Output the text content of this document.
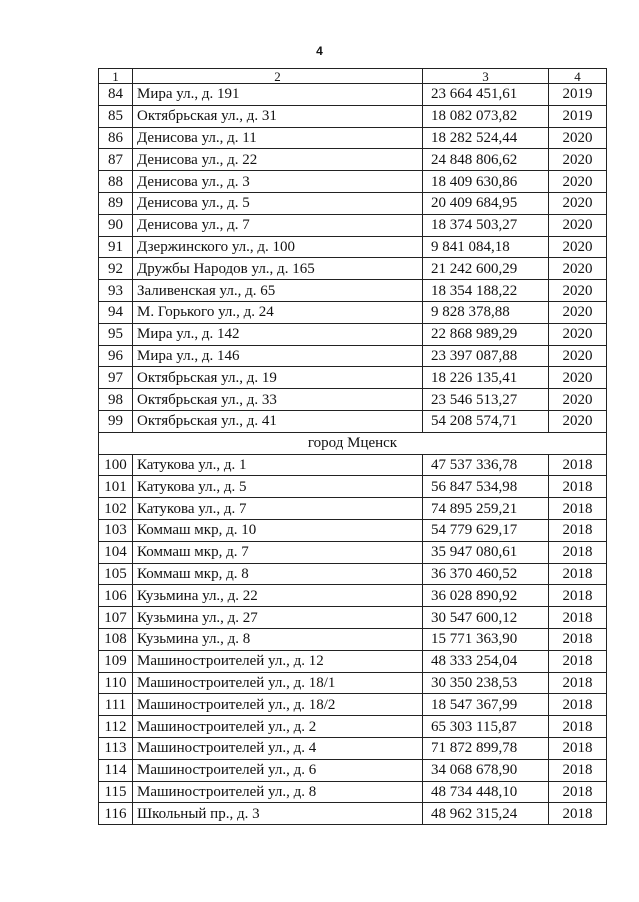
4
1	2	3	4
84	Мира ул., д. 191	23 664 451,61	2019
85	Октябрьская ул., д. 31	18 082 073,82	2019
86	Денисова ул., д. 11	18 282 524,44	2020
87	Денисова ул., д. 22	24 848 806,62	2020
88	Денисова ул., д. 3	18 409 630,86	2020
89	Денисова ул., д. 5	20 409 684,95	2020
90	Денисова ул., д. 7	18 374 503,27	2020
91	Дзержинского ул., д. 100	9 841 084,18	2020
92	Дружбы Народов ул., д. 165	21 242 600,29	2020
93	Заливенская ул., д. 65	18 354 188,22	2020
94	М. Горького ул., д. 24	9 828 378,88	2020
95	Мира ул., д. 142	22 868 989,29	2020
96	Мира ул., д. 146	23 397 087,88	2020
97	Октябрьская ул., д. 19	18 226 135,41	2020
98	Октябрьская ул., д. 33	23 546 513,27	2020
99	Октябрьская ул., д. 41	54 208 574,71	2020
город Мценск			
100	Катукова ул., д. 1	47 537 336,78	2018
101	Катукова ул., д. 5	56 847 534,98	2018
102	Катукова ул., д. 7	74 895 259,21	2018
103	Коммаш мкр, д. 10	54 779 629,17	2018
104	Коммаш мкр, д. 7	35 947 080,61	2018
105	Коммаш мкр, д. 8	36 370 460,52	2018
106	Кузьмина ул., д. 22	36 028 890,92	2018
107	Кузьмина ул., д. 27	30 547 600,12	2018
108	Кузьмина ул., д. 8	15 771 363,90	2018
109	Машиностроителей ул., д. 12	48 333 254,04	2018
110	Машиностроителей ул., д. 18/1	30 350 238,53	2018
111	Машиностроителей ул., д. 18/2	18 547 367,99	2018
112	Машиностроителей ул., д. 2	65 303 115,87	2018
113	Машиностроителей ул., д. 4	71 872 899,78	2018
114	Машиностроителей ул., д. 6	34 068 678,90	2018
115	Машиностроителей ул., д. 8	48 734 448,10	2018
116	Школьный пр., д. 3	48 962 315,24	2018
